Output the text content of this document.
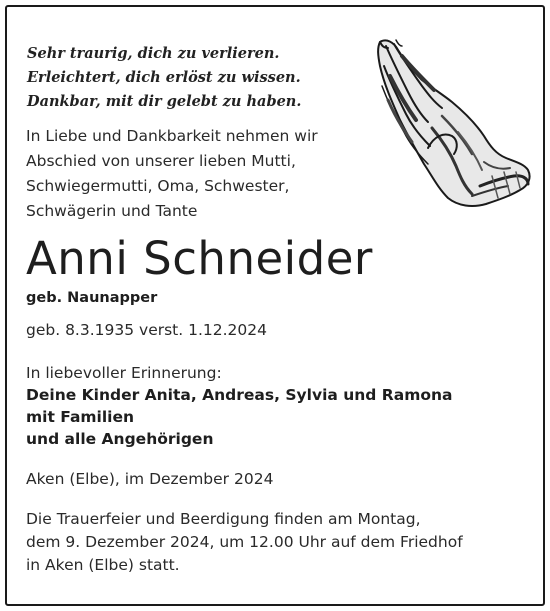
Sehr traurig, dich zu verlieren.
Erleichtert, dich erlöst zu wissen.
Dankbar, mit dir gelebt zu haben.
In Liebe und Dankbarkeit nehmen wir
Abschied von unserer lieben Mutti,
Schwiegermutti, Oma, Schwester,
Schwägerin und Tante
Anni Schneider
geb. Naunapper
geb. 8.3.1935 verst. 1.12.2024
In liebevoller Erinnerung:
Deine Kinder Anita, Andreas, Sylvia und Ramona
mit Familien
und alle Angehörigen
Aken (Elbe), im Dezember 2024
Die Trauerfeier und Beerdigung finden am Montag,
dem 9. Dezember 2024, um 12.00 Uhr auf dem Friedhof
in Aken (Elbe) statt.
